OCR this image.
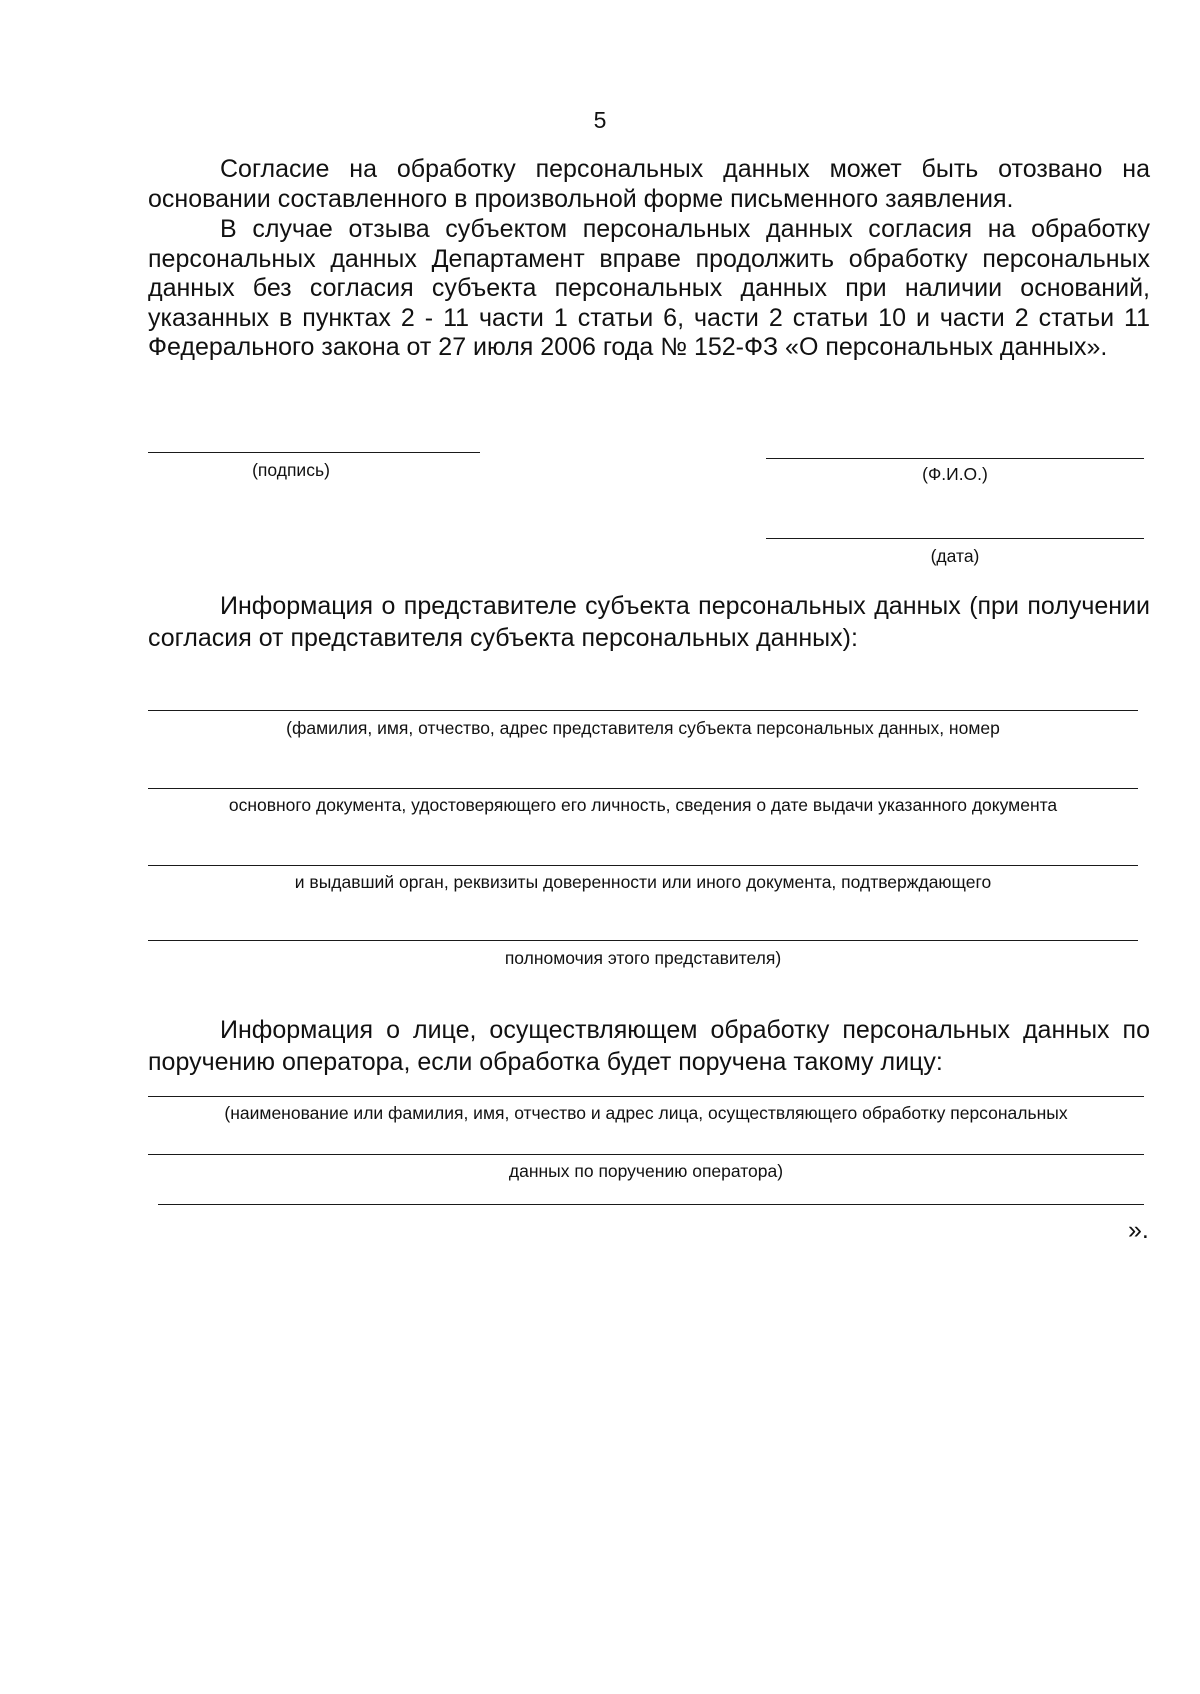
5

Согласие на обработку персональных данных может быть отозвано на основании составленного в произвольной форме письменного заявления.

В случае отзыва субъектом персональных данных согласия на обработку персональных данных Департамент вправе продолжить обработку персональных данных без согласия субъекта персональных данных при наличии оснований, указанных в пунктах 2 - 11 части 1 статьи 6, части 2 статьи 10 и части 2 статьи 11 Федерального закона от 27 июля 2006 года № 152-ФЗ «О персональных данных».

(подпись)	(Ф.И.О.)
(дата)

Информация о представителе субъекта персональных данных (при получении согласия от представителя субъекта персональных данных):

(фамилия, имя, отчество, адрес представителя субъекта персональных данных, номер
основного документа, удостоверяющего его личность, сведения о дате выдачи указанного документа
и выдавший орган, реквизиты доверенности или иного документа, подтверждающего
полномочия этого представителя)

Информация о лице, осуществляющем обработку персональных данных по поручению оператора, если обработка будет поручена такому лицу:

(наименование или фамилия, имя, отчество и адрес лица, осуществляющего обработку персональных
данных по поручению оператора)
».
